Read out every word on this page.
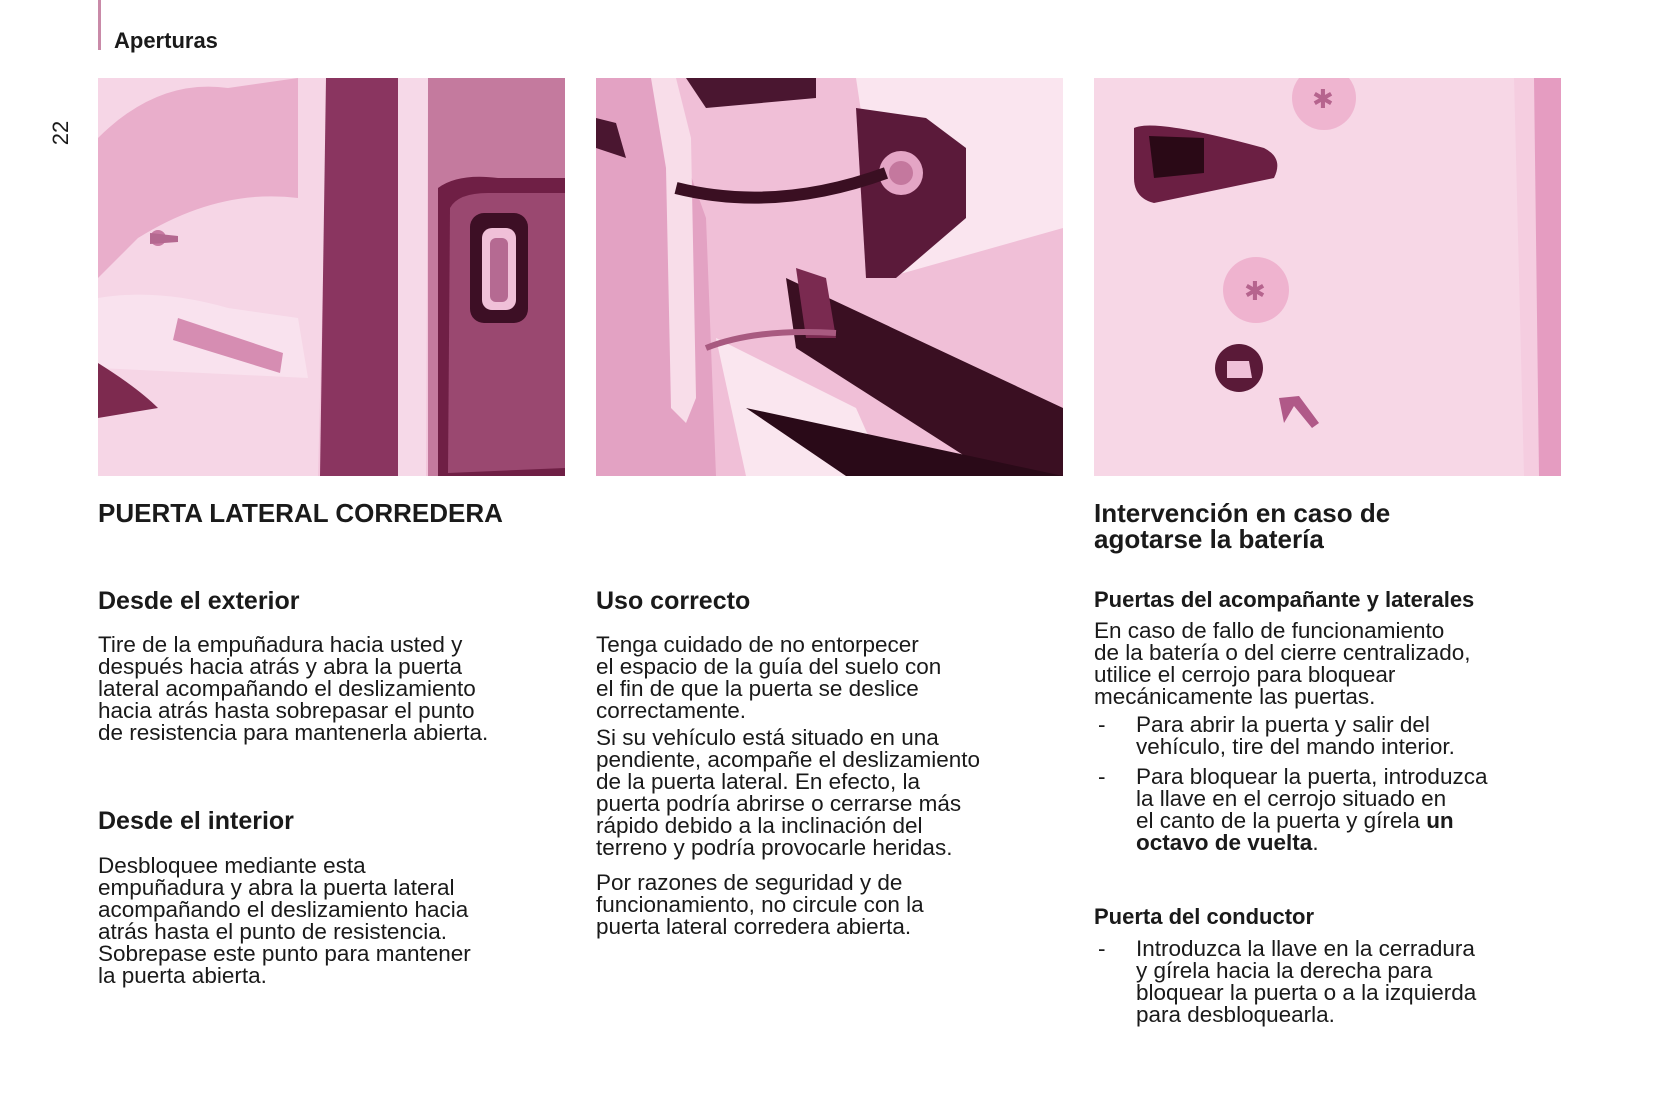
Aperturas
22
✱
✱
PUERTA LATERAL CORREDERA
Desde el exterior
Tire de la empuñadura hacia usted y
después hacia atrás y abra la puerta
lateral acompañando el deslizamiento
hacia atrás hasta sobrepasar el punto
de resistencia para mantenerla abierta.
Desde el interior
Desbloquee mediante esta
empuñadura y abra la puerta lateral
acompañando el deslizamiento hacia
atrás hasta el punto de resistencia.
Sobrepase este punto para mantener
la puerta abierta.
Uso correcto
Tenga cuidado de no entorpecer
el espacio de la guía del suelo con
el fin de que la puerta se deslice
correctamente.
Si su vehículo está situado en una
pendiente, acompañe el deslizamiento
de la puerta lateral. En efecto, la
puerta podría abrirse o cerrarse más
rápido debido a la inclinación del
terreno y podría provocarle heridas.
Por razones de seguridad y de
funcionamiento, no circule con la
puerta lateral corredera abierta.
Intervención en caso de
agotarse la batería
Puertas del acompañante y laterales
En caso de fallo de funcionamiento
de la batería o del cierre centralizado,
utilice el cerrojo para bloquear
mecánicamente las puertas.
- Para abrir la puerta y salir del
vehículo, tire del mando interior.
- Para bloquear la puerta, introduzca
la llave en el cerrojo situado en
el canto de la puerta y gírela un
octavo de vuelta.
Puerta del conductor
- Introduzca la llave en la cerradura
y gírela hacia la derecha para
bloquear la puerta o a la izquierda
para desbloquearla.
